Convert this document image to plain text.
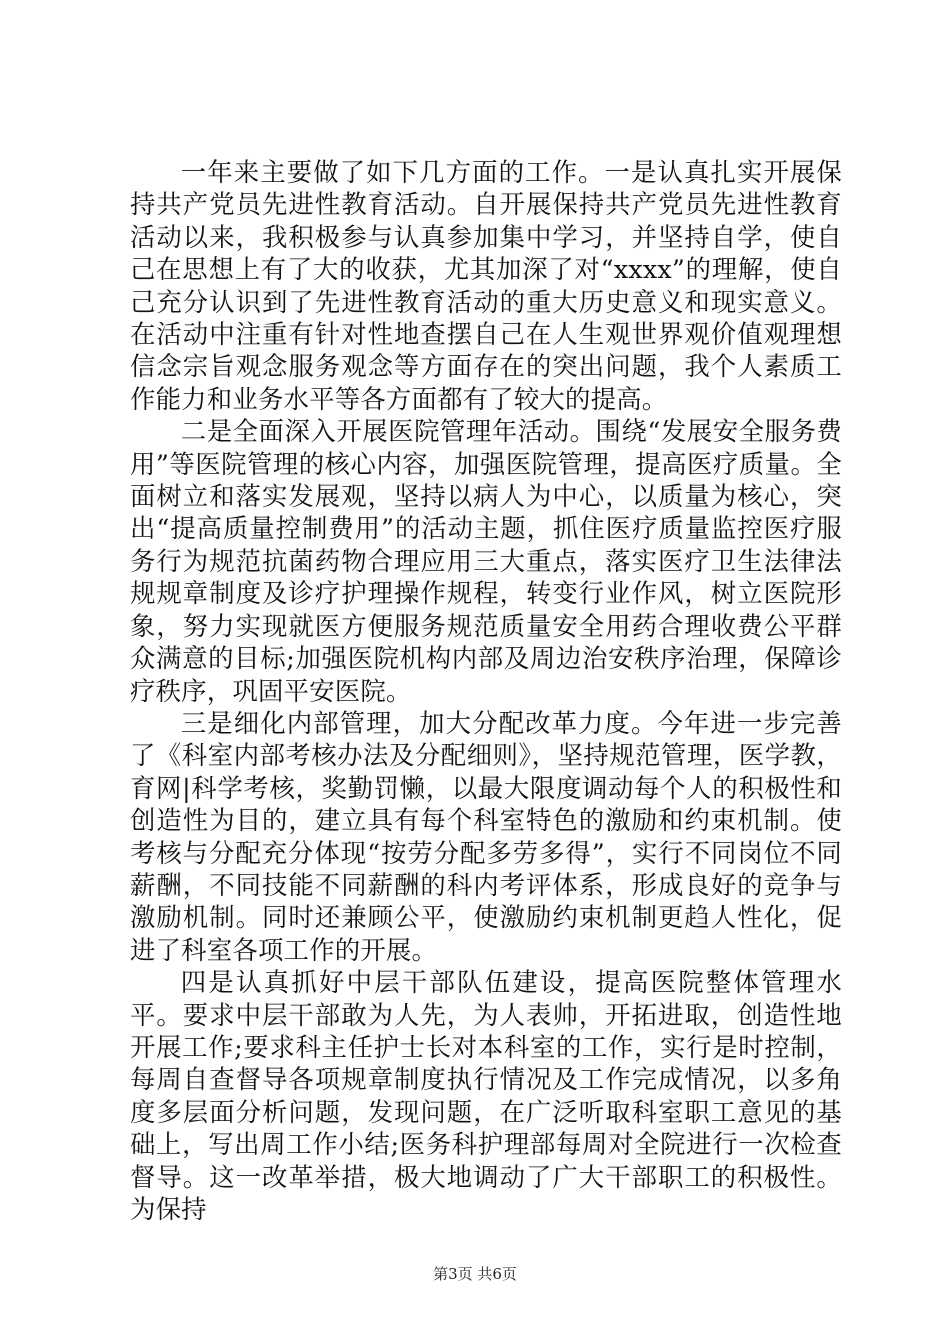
一年来主要做了如下几方面的工作。一是认真扎实开展保持共产党员先进性教育活动。自开展保持共产党员先进性教育活动以来，我积极参与认真参加集中学习，并坚持自学，使自己在思想上有了大的收获，尤其加深了对“xxxx”的理解，使自己充分认识到了先进性教育活动的重大历史意义和现实意义。在活动中注重有针对性地查摆自己在人生观世界观价值观理想信念宗旨观念服务观念等方面存在的突出问题，我个人素质工作能力和业务水平等各方面都有了较大的提高。

二是全面深入开展医院管理年活动。围绕“发展安全服务费用”等医院管理的核心内容，加强医院管理，提高医疗质量。全面树立和落实发展观，坚持以病人为中心，以质量为核心，突出“提高质量控制费用”的活动主题，抓住医疗质量监控医疗服务行为规范抗菌药物合理应用三大重点，落实医疗卫生法律法规规章制度及诊疗护理操作规程，转变行业作风，树立医院形象，努力实现就医方便服务规范质量安全用药合理收费公平群众满意的目标;加强医院机构内部及周边治安秩序治理，保障诊疗秩序，巩固平安医院。

三是细化内部管理，加大分配改革力度。今年进一步完善了《科室内部考核办法及分配细则》，坚持规范管理，医学教，育网|科学考核，奖勤罚懒，以最大限度调动每个人的积极性和创造性为目的，建立具有每个科室特色的激励和约束机制。使考核与分配充分体现“按劳分配多劳多得”，实行不同岗位不同薪酬，不同技能不同薪酬的科内考评体系，形成良好的竞争与激励机制。同时还兼顾公平，使激励约束机制更趋人性化，促进了科室各项工作的开展。

四是认真抓好中层干部队伍建设，提高医院整体管理水平。要求中层干部敢为人先，为人表帅，开拓进取，创造性地开展工作;要求科主任护士长对本科室的工作，实行是时控制，每周自查督导各项规章制度执行情况及工作完成情况，以多角度多层面分析问题，发现问题，在广泛听取科室职工意见的基础上，写出周工作小结;医务科护理部每周对全院进行一次检查督导。这一改革举措，极大地调动了广大干部职工的积极性。为保持

第3页 共6页
